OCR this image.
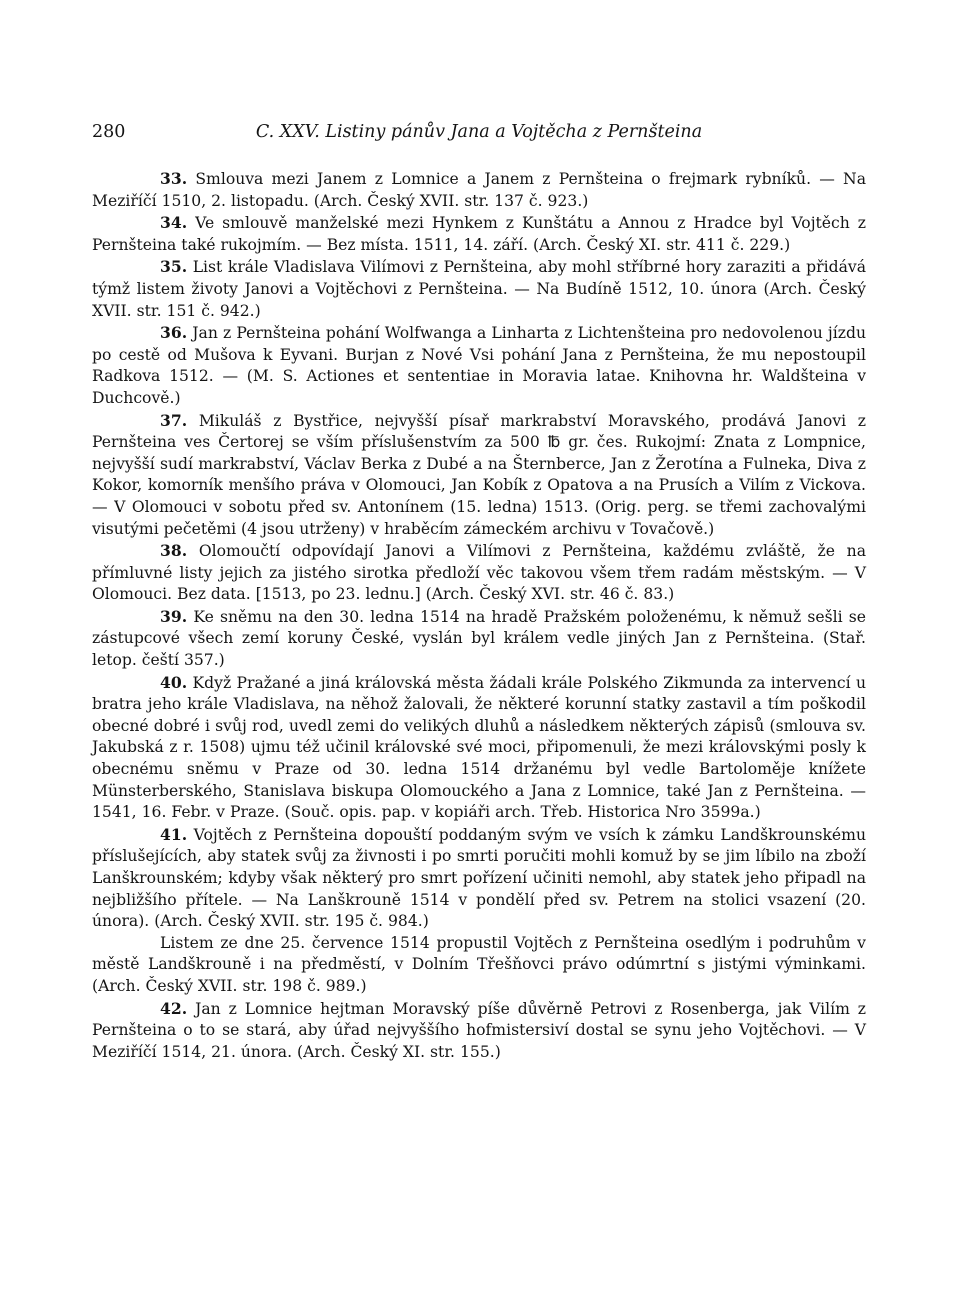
280	C. XXV. Listiny pánův Jana a Vojtěcha z Pernšteina

33. Smlouva mezi Janem z Lomnice a Janem z Pernšteina o frejmark rybníků. — Na Meziříčí 1510, 2. listopadu. (Arch. Český XVII. str. 137 č. 923.)

34. Ve smlouvě manželské mezi Hynkem z Kunštátu a Annou z Hradce byl Vojtěch z Pernšteina také rukojmím. — Bez místa. 1511, 14. září. (Arch. Český XI. str. 411 č. 229.)

35. List krále Vladislava Vilímovi z Pernšteina, aby mohl stříbrné hory zaraziti a přidává týmž listem životy Janovi a Vojtěchovi z Pernšteina. — Na Budíně 1512, 10. února (Arch. Český XVII. str. 151 č. 942.)

36. Jan z Pernšteina pohání Wolfwanga a Linharta z Lichtenšteina pro nedovolenou jízdu po cestě od Mušova k Eyvani. Burjan z Nové Vsi pohání Jana z Pernšteina, že mu nepostoupil Radkova 1512. — (M. S. Actiones et sententiae in Moravia latae. Knihovna hr. Waldšteina v Duchcově.)

37. Mikuláš z Bystřice, nejvyšší písař markrabství Moravského, prodává Janovi z Pernšteina ves Čertorej se vším příslušenstvím za 500 ℔ gr. čes. Rukojmí: Znata z Lompnice, nejvyšší sudí markrabství, Václav Berka z Dubé a na Šternberce, Jan z Žerotína a Fulneka, Diva z Kokor, komorník menšího práva v Olomouci, Jan Kobík z Opatova a na Prusích a Vilím z Vickova. — V Olomouci v sobotu před sv. Antonínem (15. ledna) 1513. (Orig. perg. se třemi zachovalými visutými pečetěmi (4 jsou utrženy) v hraběcím zámeckém archivu v Tovačově.)

38. Olomoučtí odpovídají Janovi a Vilímovi z Pernšteina, každému zvláště, že na přímluvné listy jejich za jistého sirotka předloží věc takovou všem třem radám městským. — V Olomouci. Bez data. [1513, po 23. lednu.] (Arch. Český XVI. str. 46 č. 83.)

39. Ke sněmu na den 30. ledna 1514 na hradě Pražském položenému, k němuž sešli se zástupcové všech zemí koruny České, vyslán byl králem vedle jiných Jan z Pernšteina. (Stař. letop. čeští 357.)

40. Když Pražané a jiná královská města žádali krále Polského Zikmunda za intervencí u bratra jeho krále Vladislava, na něhož žalovali, že některé korunní statky zastavil a tím poškodil obecné dobré i svůj rod, uvedl zemi do velikých dluhů a následkem některých zápisů (smlouva sv. Jakubská z r. 1508) ujmu též učinil královské své moci, připomenuli, že mezi královskými posly k obecnému sněmu v Praze od 30. ledna 1514 držanému byl vedle Bartoloměje knížete Münsterberského, Stanislava biskupa Olomouckého a Jana z Lomnice, také Jan z Pernšteina. — 1541, 16. Febr. v Praze. (Souč. opis. pap. v kopiáři arch. Třeb. Historica Nro 3599a.)

41. Vojtěch z Pernšteina dopouští poddaným svým ve vsích k zámku Landškrounskému příslušejících, aby statek svůj za živnosti i po smrti poručiti mohli komuž by se jim líbilo na zboží Lanškrounském; kdyby však některý pro smrt pořízení učiniti nemohl, aby statek jeho připadl na nejbližšího přítele. — Na Lanškrouně 1514 v pondělí před sv. Petrem na stolici vsazení (20. února). (Arch. Český XVII. str. 195 č. 984.)

Listem ze dne 25. července 1514 propustil Vojtěch z Pernšteina osedlým i podruhům v městě Landškrouně i na předměstí, v Dolním Třešňovci právo odúmrtní s jistými výminkami. (Arch. Český XVII. str. 198 č. 989.)

42. Jan z Lomnice hejtman Moravský píše důvěrně Petrovi z Rosenberga, jak Vilím z Pernšteina o to se stará, aby úřad nejvyššího hofmistersiví dostal se synu jeho Vojtěchovi. — V Meziříčí 1514, 21. února. (Arch. Český XI. str. 155.)
